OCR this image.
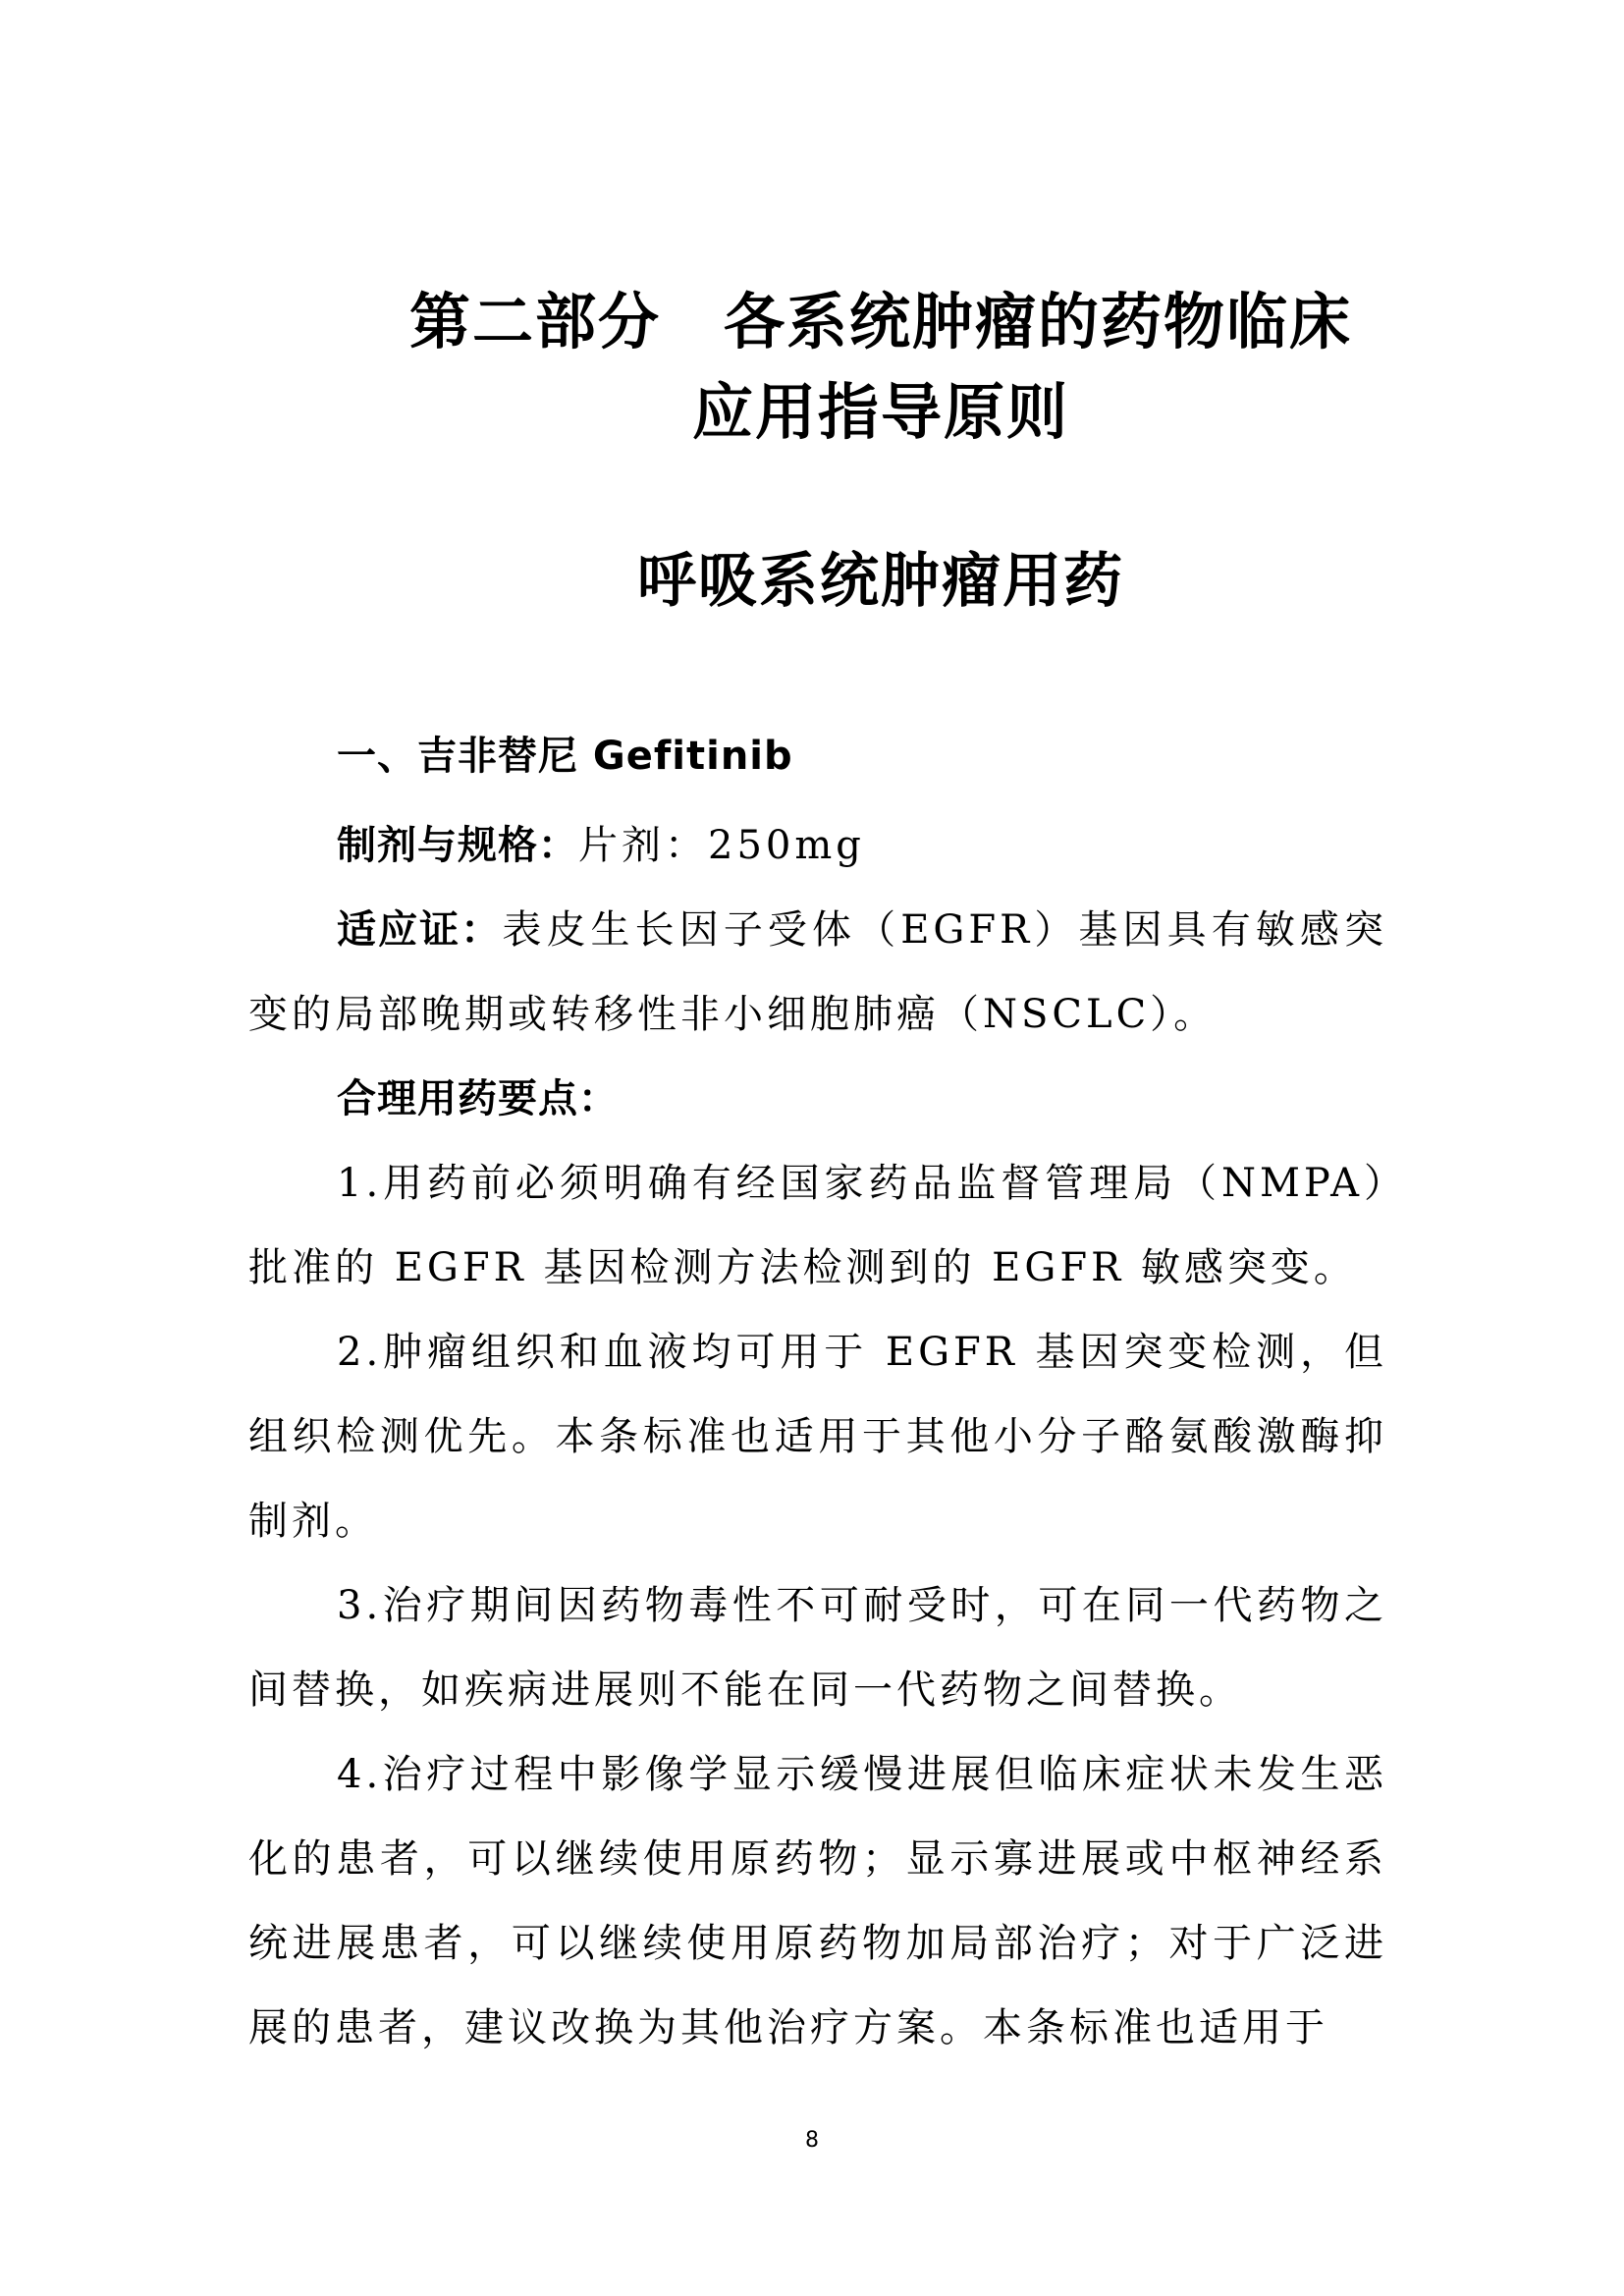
第二部分　各系统肿瘤的药物临床
应用指导原则
呼吸系统肿瘤用药
一、吉非替尼 Gefitinib

制剂与规格：片剂：250mg

适应证：表皮生长因子受体（EGFR）基因具有敏感突变的局部晚期或转移性非小细胞肺癌（NSCLC）。

合理用药要点：

1.用药前必须明确有经国家药品监督管理局（NMPA）批准的 EGFR 基因检测方法检测到的 EGFR 敏感突变。

2.肿瘤组织和血液均可用于 EGFR 基因突变检测，但组织检测优先。本条标准也适用于其他小分子酪氨酸激酶抑制剂。

3.治疗期间因药物毒性不可耐受时，可在同一代药物之间替换，如疾病进展则不能在同一代药物之间替换。

4.治疗过程中影像学显示缓慢进展但临床症状未发生恶化的患者，可以继续使用原药物；显示寡进展或中枢神经系统进展患者，可以继续使用原药物加局部治疗；对于广泛进展的患者，建议改换为其他治疗方案。本条标准也适用于

8
